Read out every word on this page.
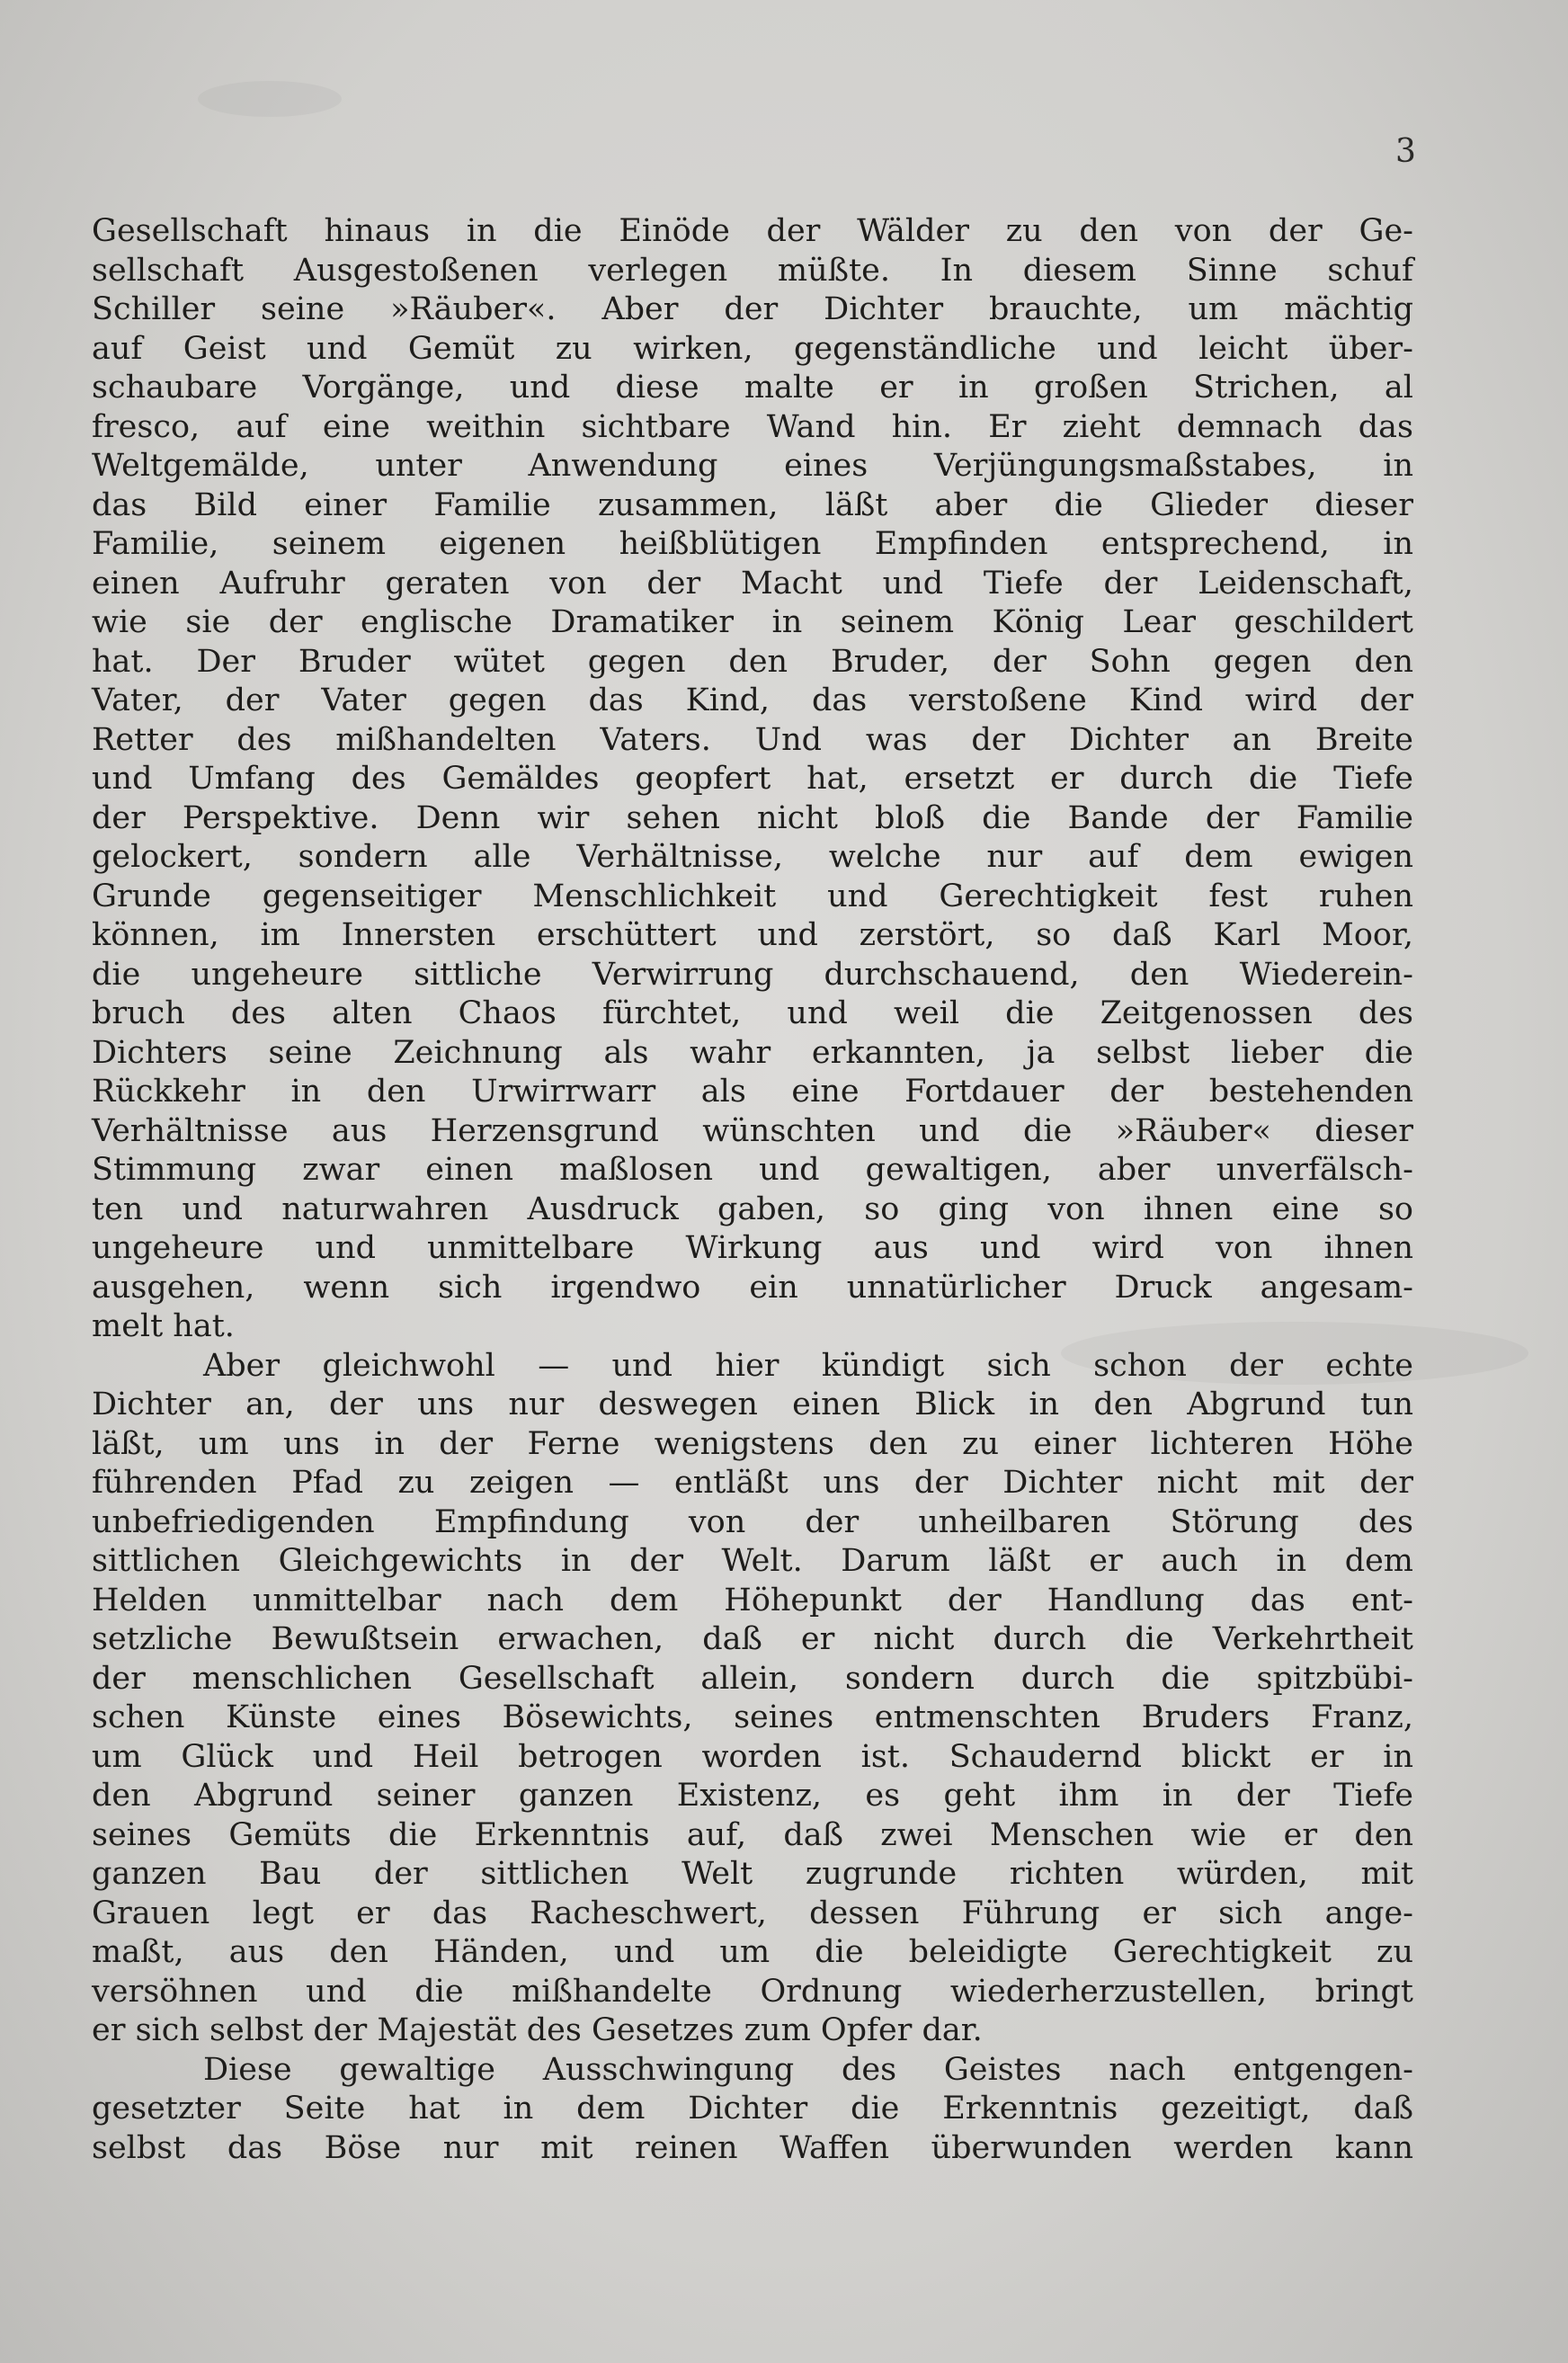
3
Gesellschaft hinaus in die Einöde der Wälder zu den von der Ge-
sellschaft Ausgestoßenen verlegen müßte. In diesem Sinne schuf
Schiller seine »Räuber«. Aber der Dichter brauchte, um mächtig
auf Geist und Gemüt zu wirken, gegenständliche und leicht über-
schaubare Vorgänge, und diese malte er in großen Strichen, al
fresco, auf eine weithin sichtbare Wand hin. Er zieht demnach das
Weltgemälde, unter Anwendung eines Verjüngungsmaßstabes, in
das Bild einer Familie zusammen, läßt aber die Glieder dieser
Familie, seinem eigenen heißblütigen Empfinden entsprechend, in
einen Aufruhr geraten von der Macht und Tiefe der Leidenschaft,
wie sie der englische Dramatiker in seinem König Lear geschildert
hat. Der Bruder wütet gegen den Bruder, der Sohn gegen den
Vater, der Vater gegen das Kind, das verstoßene Kind wird der
Retter des mißhandelten Vaters. Und was der Dichter an Breite
und Umfang des Gemäldes geopfert hat, ersetzt er durch die Tiefe
der Perspektive. Denn wir sehen nicht bloß die Bande der Familie
gelockert, sondern alle Verhältnisse, welche nur auf dem ewigen
Grunde gegenseitiger Menschlichkeit und Gerechtigkeit fest ruhen
können, im Innersten erschüttert und zerstört, so daß Karl Moor,
die ungeheure sittliche Verwirrung durchschauend, den Wiederein-
bruch des alten Chaos fürchtet, und weil die Zeitgenossen des
Dichters seine Zeichnung als wahr erkannten, ja selbst lieber die
Rückkehr in den Urwirrwarr als eine Fortdauer der bestehenden
Verhältnisse aus Herzensgrund wünschten und die »Räuber« dieser
Stimmung zwar einen maßlosen und gewaltigen, aber unverfälsch-
ten und naturwahren Ausdruck gaben, so ging von ihnen eine so
ungeheure und unmittelbare Wirkung aus und wird von ihnen
ausgehen, wenn sich irgendwo ein unnatürlicher Druck angesam-
melt hat.
Aber gleichwohl — und hier kündigt sich schon der echte
Dichter an, der uns nur deswegen einen Blick in den Abgrund tun
läßt, um uns in der Ferne wenigstens den zu einer lichteren Höhe
führenden Pfad zu zeigen — entläßt uns der Dichter nicht mit der
unbefriedigenden Empfindung von der unheilbaren Störung des
sittlichen Gleichgewichts in der Welt. Darum läßt er auch in dem
Helden unmittelbar nach dem Höhepunkt der Handlung das ent-
setzliche Bewußtsein erwachen, daß er nicht durch die Verkehrtheit
der menschlichen Gesellschaft allein, sondern durch die spitzbübi-
schen Künste eines Bösewichts, seines entmenschten Bruders Franz,
um Glück und Heil betrogen worden ist. Schaudernd blickt er in
den Abgrund seiner ganzen Existenz, es geht ihm in der Tiefe
seines Gemüts die Erkenntnis auf, daß zwei Menschen wie er den
ganzen Bau der sittlichen Welt zugrunde richten würden, mit
Grauen legt er das Racheschwert, dessen Führung er sich ange-
maßt, aus den Händen, und um die beleidigte Gerechtigkeit zu
versöhnen und die mißhandelte Ordnung wiederherzustellen, bringt
er sich selbst der Majestät des Gesetzes zum Opfer dar.
Diese gewaltige Ausschwingung des Geistes nach entgengen-
gesetzter Seite hat in dem Dichter die Erkenntnis gezeitigt, daß
selbst das Böse nur mit reinen Waffen überwunden werden kann
